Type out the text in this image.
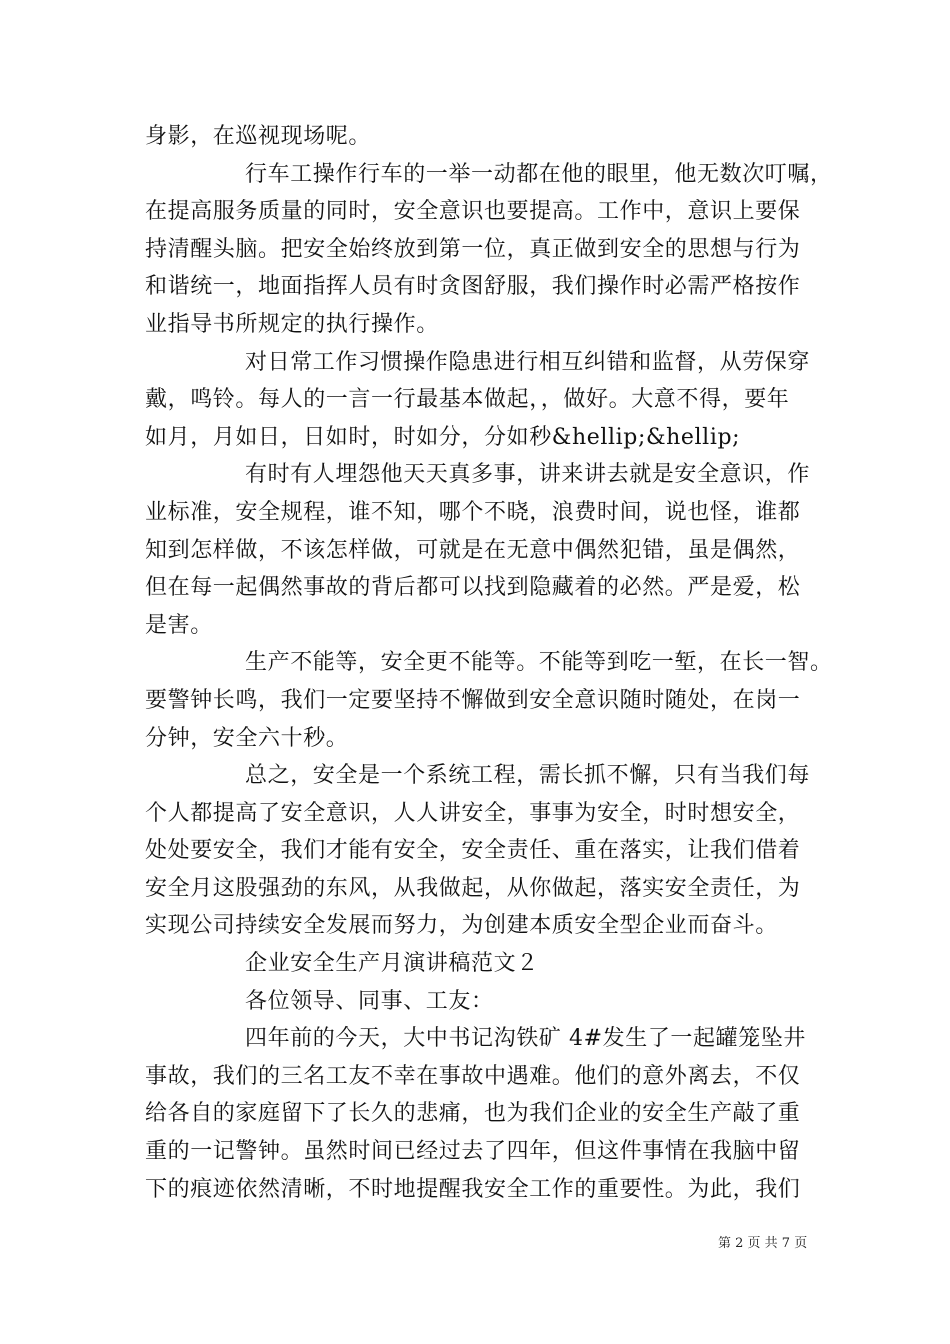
身影，在巡视现场呢。
行车工操作行车的一举一动都在他的眼里，他无数次叮嘱，
在提高服务质量的同时，安全意识也要提高。工作中，意识上要保
持清醒头脑。把安全始终放到第一位，真正做到安全的思想与行为
和谐统一，地面指挥人员有时贪图舒服，我们操作时必需严格按作
业指导书所规定的执行操作。
对日常工作习惯操作隐患进行相互纠错和监督，从劳保穿
戴，鸣铃。每人的一言一行最基本做起，，做好。大意不得，要年
如月，月如日，日如时，时如分，分如秒&hellip;&hellip;
有时有人埋怨他天天真多事，讲来讲去就是安全意识，作
业标准，安全规程，谁不知，哪个不晓，浪费时间，说也怪，谁都
知到怎样做，不该怎样做，可就是在无意中偶然犯错，虽是偶然，
但在每一起偶然事故的背后都可以找到隐藏着的必然。严是爱，松
是害。
生产不能等，安全更不能等。不能等到吃一堑，在长一智。
要警钟长鸣，我们一定要坚持不懈做到安全意识随时随处，在岗一
分钟，安全六十秒。
总之，安全是一个系统工程，需长抓不懈，只有当我们每
个人都提高了安全意识，人人讲安全，事事为安全，时时想安全，
处处要安全，我们才能有安全，安全责任、重在落实，让我们借着
安全月这股强劲的东风，从我做起，从你做起，落实安全责任，为
实现公司持续安全发展而努力，为创建本质安全型企业而奋斗。
企业安全生产月演讲稿范文２
各位领导、同事、工友：
四年前的今天，大中书记沟铁矿 4#发生了一起罐笼坠井
事故，我们的三名工友不幸在事故中遇难。他们的意外离去，不仅
给各自的家庭留下了长久的悲痛，也为我们企业的安全生产敲了重
重的一记警钟。虽然时间已经过去了四年，但这件事情在我脑中留
下的痕迹依然清晰，不时地提醒我安全工作的重要性。为此，我们
第 2 页 共 7 页
